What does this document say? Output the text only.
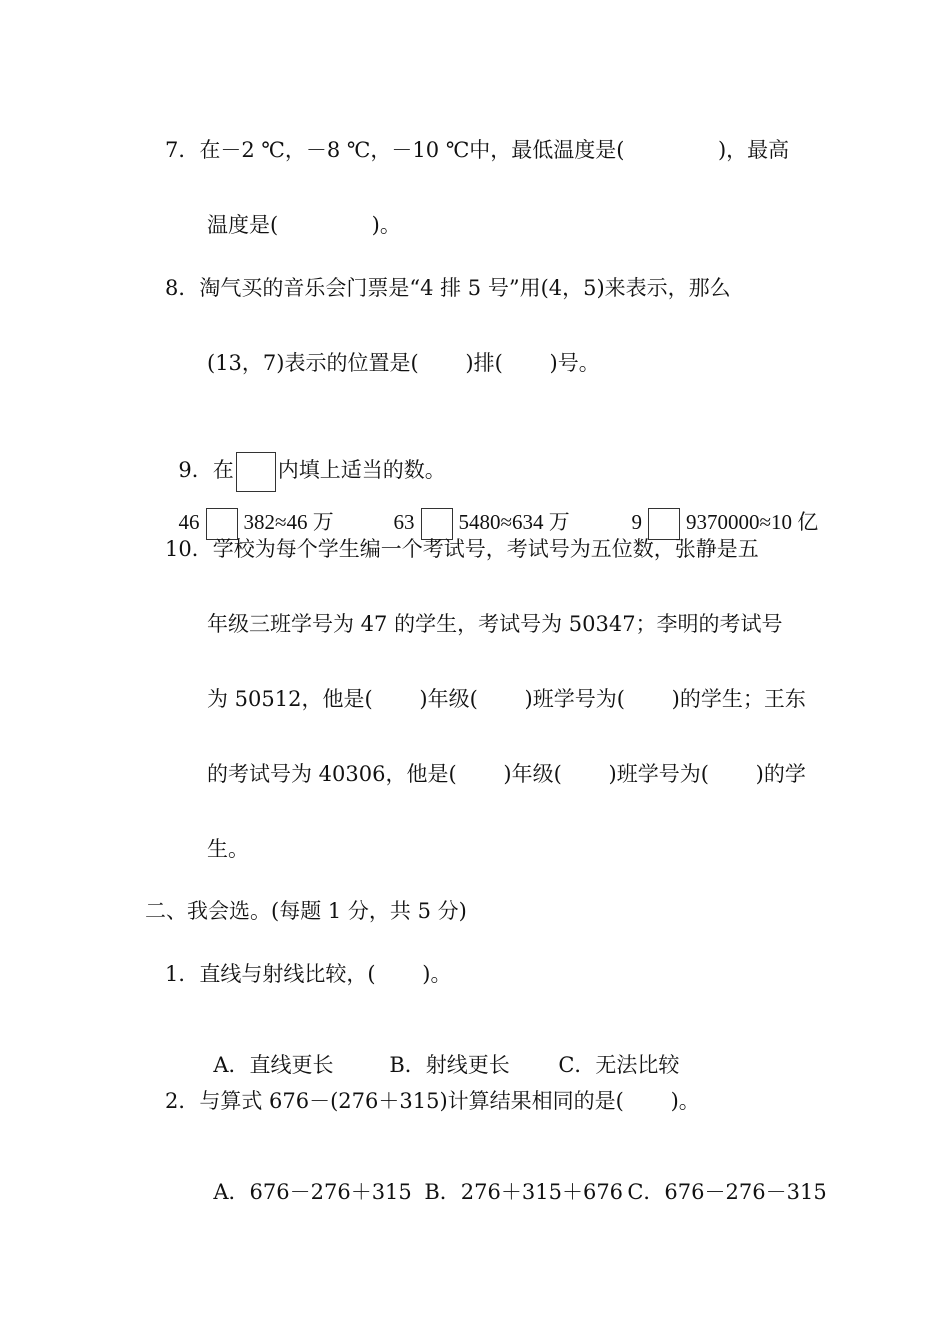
7．在－2 ℃，－8 ℃，－10 ℃中，最低温度是(              )，最高
温度是(              )。
8．淘气买的音乐会门票是“4 排 5 号”用(4，5)来表示，那么
(13，7)表示的位置是(       )排(       )号。

9．在 内填上适当的数。

46 382≈46 万	63 5480≈634 万	9 9370000≈10 亿

10．学校为每个学生编一个考试号，考试号为五位数，张静是五
年级三班学号为 47 的学生，考试号为 50347；李明的考试号
为 50512，他是(       )年级(       )班学号为(       )的学生；王东
的考试号为 40306，他是(       )年级(       )班学号为(       )的学
生。
二、我会选。(每题 1 分，共 5 分)
1．直线与射线比较，(       )。

A．直线更长	B．射线更长 C．无法比较

2．与算式 676－(276＋315)计算结果相同的是(       )。

A．676－276＋315 B．276＋315＋676 C．676－276－315
